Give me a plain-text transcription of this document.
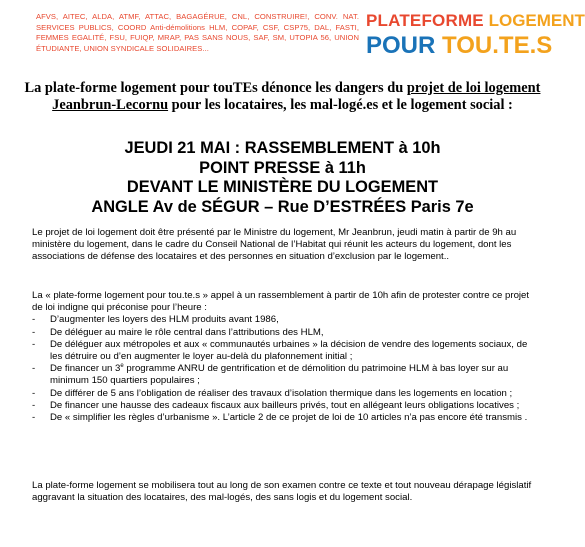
AFVS, AITEC, ALDA, ATMF, ATTAC, BAGAGÉRUE, CNL, CONSTRUIRE!, CONV. NAT. SERVICES PUBLICS, COORD Anti-démolitions HLM, COPAF, CSF, CSP75, DAL, FASTI, FEMMES EGALITÉ, FSU, FUIQP, MRAP, PAS SANS NOUS, SAF, SM, UTOPIA 56, UNION ÉTUDIANTE, UNION SYNDICALE SOLIDAIRES...
PLATEFORME LOGEMENT
POUR TOU.TE.S
La plate-forme logement pour touTEs dénonce les dangers du projet de loi logement Jeanbrun-Lecornu pour les locataires, les mal-logé.es et le logement social :
JEUDI 21 MAI : RASSEMBLEMENT à 10h
POINT PRESSE à 11h
DEVANT LE MINISTÈRE DU LOGEMENT
ANGLE Av de SÉGUR – Rue D’ESTRÉES Paris 7e
Le projet de loi logement doit être présenté par le Ministre du logement, Mr Jeanbrun, jeudi matin à partir de 9h au ministère du logement, dans le cadre du Conseil National de l’Habitat qui réunit les acteurs du logement, dont les associations de défense des locataires et des personnes en situation d’exclusion par le logement..
La « plate-forme logement pour tou.te.s » appel à un rassemblement à partir de 10h afin de protester contre ce projet de loi indigne qui préconise pour l’heure :
- D’augmenter les loyers des HLM produits avant 1986,
- De déléguer au maire le rôle central dans l’attributions des HLM,
- De déléguer aux métropoles et aux « communautés urbaines » la décision de vendre des logements sociaux, de les détruire ou d’en augmenter le loyer au-delà du plafonnement initial ;
- De financer un 3e programme ANRU de gentrification et de démolition du patrimoine HLM à bas loyer sur au minimum 150 quartiers populaires ;
- De différer de 5 ans l’obligation de réaliser des travaux d’isolation thermique dans les logements en location ;
- De financer une hausse des cadeaux fiscaux aux bailleurs privés, tout en allégeant leurs obligations locatives ;
- De « simplifier les règles d’urbanisme ». L’article 2 de ce projet de loi de 10 articles n’a pas encore été transmis .
La plate-forme logement se mobilisera tout au long de son examen contre ce texte et tout nouveau dérapage législatif aggravant la situation des locataires, des mal-logés, des sans logis et du logement social.
